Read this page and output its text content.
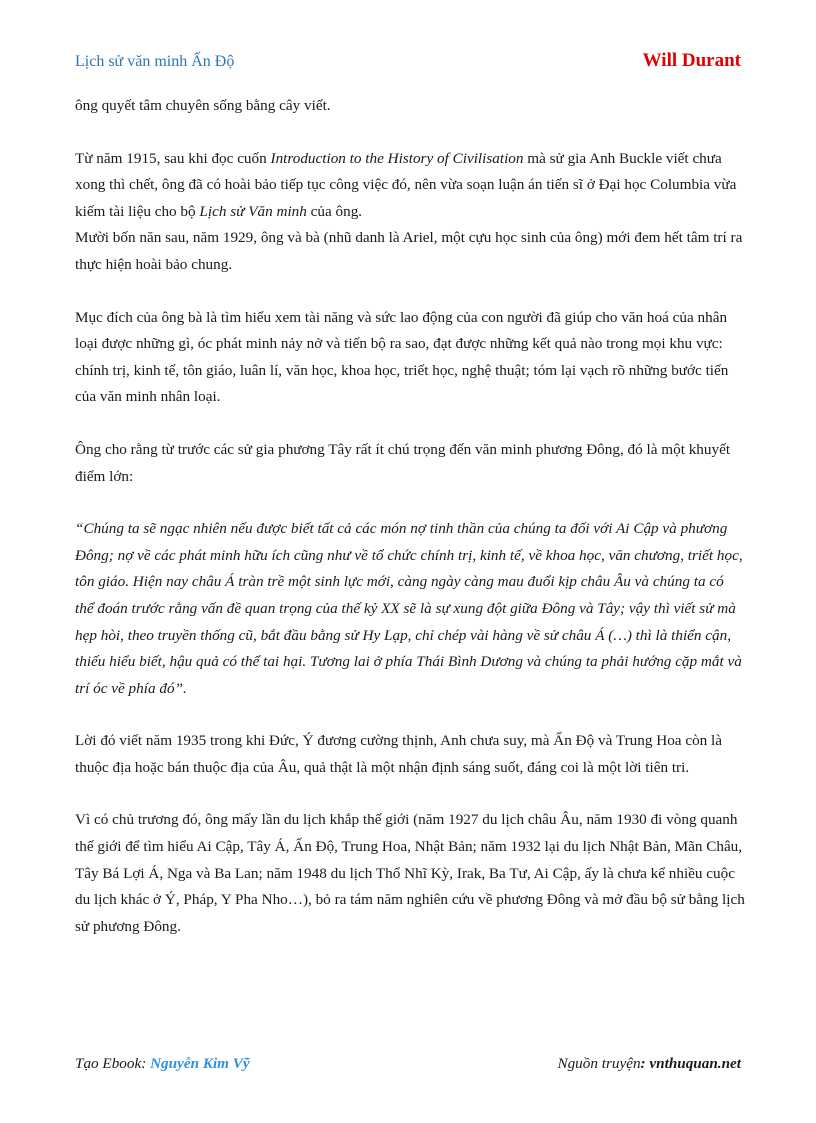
Lịch sử văn minh Ấn Độ	Will Durant

ông quyết tâm chuyên sống bằng cây viết.

Từ năm 1915, sau khi đọc cuốn Introduction to the History of Civilisation mà sử gia Anh Buckle viết chưa xong thì chết, ông đã có hoài bảo tiếp tục công việc đó, nên vừa soạn luận án tiến sĩ ở Đại học Columbia vừa kiếm tài liệu cho bộ Lịch sử Văn minh của ông.

Mười bốn năn sau, năm 1929, ông và bà (nhũ danh là Ariel, một cựu học sinh của ông) mới đem hết tâm trí ra thực hiện hoài bảo chung.

Mục đích của ông bà là tìm hiểu xem tài năng và sức lao động của con người đã giúp cho văn hoá của nhân loại được những gì, óc phát minh nảy nở và tiến bộ ra sao, đạt được những kết quả nào trong mọi khu vực: chính trị, kinh tế, tôn giáo, luân lí, văn học, khoa học, triết học, nghệ thuật; tóm lại vạch rõ những bước tiến của văn minh nhân loại.

Ông cho rằng từ trước các sử gia phương Tây rất ít chú trọng đến văn minh phương Đông, đó là một khuyết điểm lớn:

“Chúng ta sẽ ngạc nhiên nếu được biết tất cả các món nợ tinh thần của chúng ta đối với Ai Cập và phương Đông; nợ về các phát minh hữu ích cũng như về tổ chức chính trị, kinh tế, về khoa học, văn chương, triết học, tôn giáo. Hiện nay châu Á tràn trề một sinh lực mới, càng ngày càng mau đuổi kịp châu Âu và chúng ta có thể đoán trước rằng vấn đề quan trọng của thế kỷ XX sẽ là sự xung đột giữa Đông và Tây; vậy thì viết sử mà hẹp hòi, theo truyền thống cũ, bắt đầu bằng sử Hy Lạp, chỉ chép vài hàng về sử châu Á (…) thì là thiển cận, thiếu hiểu biết, hậu quả có thể tai hại. Tương lai ở phía Thái Bình Dương và chúng ta phải hướng cặp mắt và trí óc về phía đó”.

Lời đó viết năm 1935 trong khi Đức, Ý đương cường thịnh, Anh chưa suy, mà Ấn Độ và Trung Hoa còn là thuộc địa hoặc bán thuộc địa của Âu, quả thật là một nhận định sáng suốt, đáng coi là một lời tiên tri.

Vì có chủ trương đó, ông mấy lần du lịch khắp thế giới (năm 1927 du lịch châu Âu, năm 1930 đi vòng quanh thế giới để tìm hiểu Ai Cập, Tây Á, Ấn Độ, Trung Hoa, Nhật Bản; năm 1932 lại du lịch Nhật Bản, Mãn Châu, Tây Bá Lợi Á, Nga và Ba Lan; năm 1948 du lịch Thổ Nhĩ Kỳ, Irak, Ba Tư, Ai Cập, ấy là chưa kể nhiều cuộc du lịch khác ở Ý, Pháp, Y Pha Nho…), bỏ ra tám năm nghiên cứu về phương Đông và mở đầu bộ sử bằng lịch sử phương Đông.

Tạo Ebook: Nguyễn Kim Vỹ	Nguồn truyện: vnthuquan.net
